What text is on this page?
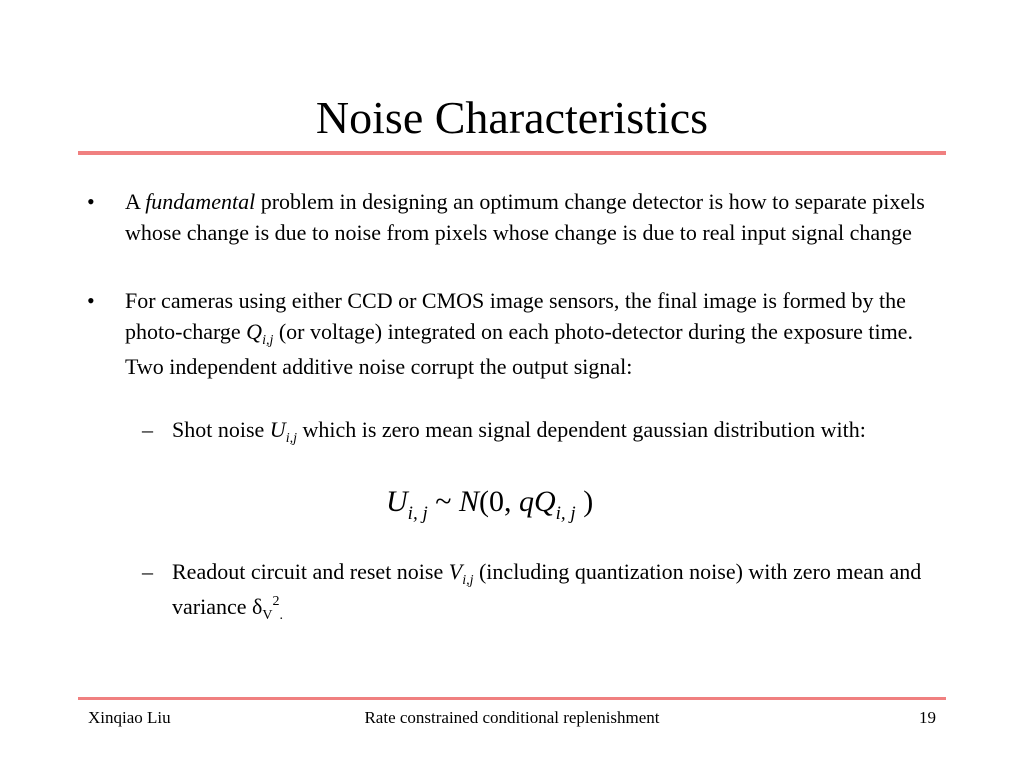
Noise Characteristics
•	A fundamental problem in designing an optimum change detector is how to separate pixels whose change is due to noise from pixels whose change is due to real input signal change
•	For cameras using either CCD or CMOS image sensors, the final image is formed by the photo-charge $Q_{i,j}$ (or voltage) integrated on each photo-detector during the exposure time. Two independent additive noise corrupt the output signal:
– Shot noise $U_{i,j}$ which is zero mean signal dependent gaussian distribution with:
$U_{i, j}$ ~ N(0, $qQ_{i, j}$ )
– Readout circuit and reset noise $V_{i,j}$ (including quantization noise) with zero mean and variance $\delta_V^2_.$
Xinqiao Liu	Rate constrained conditional replenishment	19
